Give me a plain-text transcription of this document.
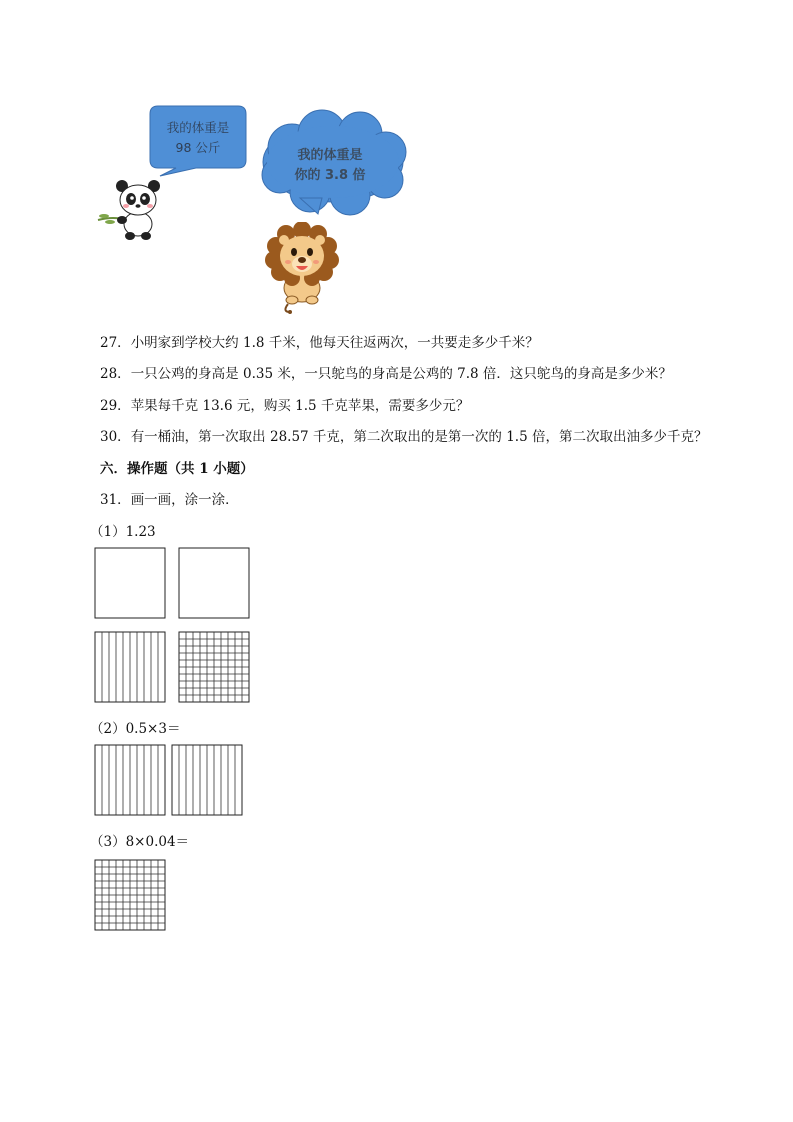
我的体重是
98 公斤
我的体重是
你的 3.8 倍
27．小明家到学校大约 1.8 千米，他每天往返两次，一共要走多少千米？
28．一只公鸡的身高是 0.35 米，一只鸵鸟的身高是公鸡的 7.8 倍．这只鸵鸟的身高是多少米？
29．苹果每千克 13.6 元，购买 1.5 千克苹果，需要多少元？
30．有一桶油，第一次取出 28.57 千克，第二次取出的是第一次的 1.5 倍，第二次取出油多少千克？
六．操作题（共 1 小题）
31．画一画，涂一涂．
（1）1.23
（2）0.5×3＝
（3）8×0.04＝
